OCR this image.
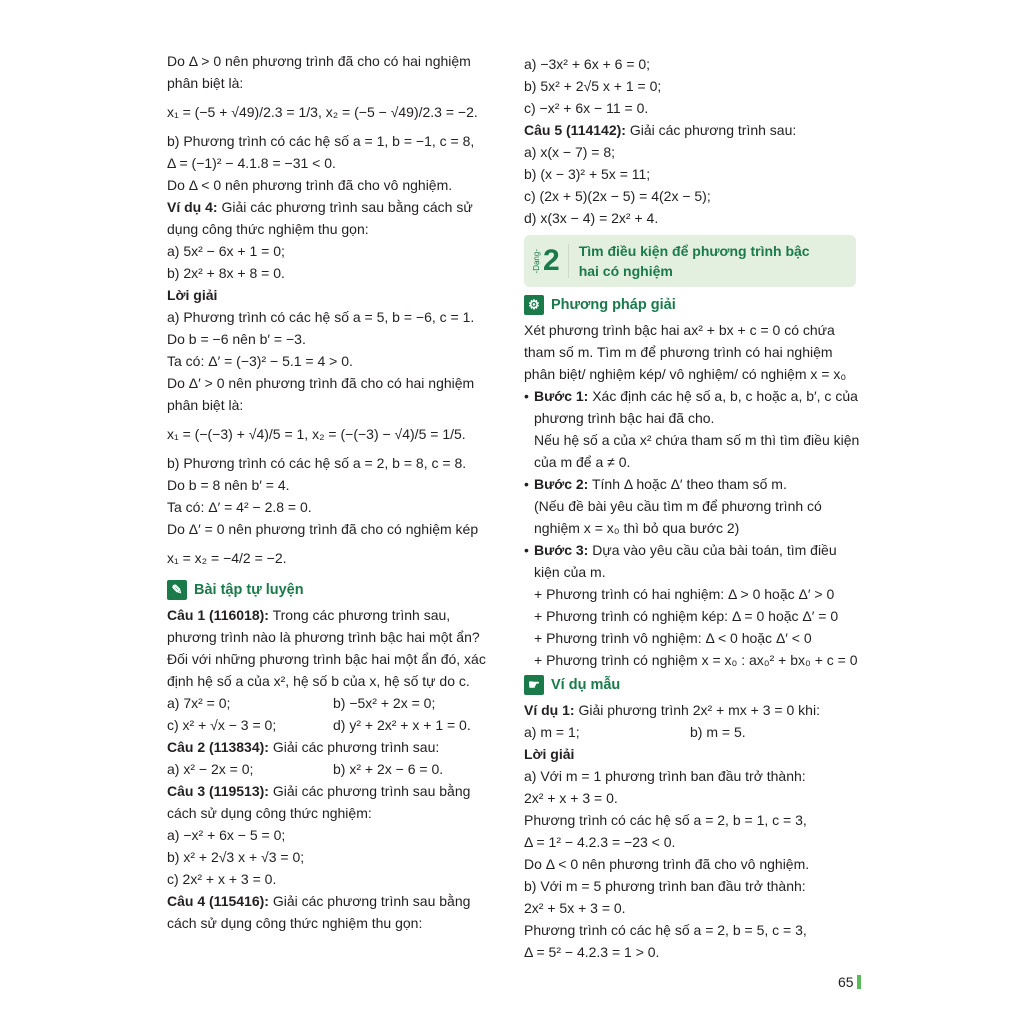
Do Δ > 0 nên phương trình đã cho có hai nghiệm
phân biệt là:
x₁ = (−5 + √49)/2.3 = 1/3, x₂ = (−5 − √49)/2.3 = −2.
b) Phương trình có các hệ số a = 1, b = −1, c = 8,
Δ = (−1)² − 4.1.8 = −31 < 0.
Do Δ < 0 nên phương trình đã cho vô nghiệm.
Ví dụ 4: Giải các phương trình sau bằng cách sử
dụng công thức nghiệm thu gọn:
a) 5x² − 6x + 1 = 0;
b) 2x² + 8x + 8 = 0.
Lời giải
a) Phương trình có các hệ số a = 5, b = −6, c = 1.
Do b = −6 nên b′ = −3.
Ta có: Δ′ = (−3)² − 5.1 = 4 > 0.
Do Δ′ > 0 nên phương trình đã cho có hai nghiệm
phân biệt là:
x₁ = (−(−3) + √4)/5 = 1, x₂ = (−(−3) − √4)/5 = 1/5.
b) Phương trình có các hệ số a = 2, b = 8, c = 8.
Do b = 8 nên b′ = 4.
Ta có: Δ′ = 4² − 2.8 = 0.
Do Δ′ = 0 nên phương trình đã cho có nghiệm kép
x₁ = x₂ = −4/2 = −2.
✎ Bài tập tự luyện
Câu 1 (116018): Trong các phương trình sau,
phương trình nào là phương trình bậc hai một ẩn?
Đối với những phương trình bậc hai một ẩn đó, xác
định hệ số a của x², hệ số b của x, hệ số tự do c.
a) 7x² = 0;	b) −5x² + 2x = 0;
c) x² + √x − 3 = 0;	d) y² + 2x² + x + 1 = 0.
Câu 2 (113834): Giải các phương trình sau:
a) x² − 2x = 0;	b) x² + 2x − 6 = 0.
Câu 3 (119513): Giải các phương trình sau bằng
cách sử dụng công thức nghiệm:
a) −x² + 6x − 5 = 0;
b) x² + 2√3 x + √3 = 0;
c) 2x² + x + 3 = 0.
Câu 4 (115416): Giải các phương trình sau bằng
cách sử dụng công thức nghiệm thu gọn:
a) −3x² + 6x + 6 = 0;
b) 5x² + 2√5 x + 1 = 0;
c) −x² + 6x − 11 = 0.
Câu 5 (114142): Giải các phương trình sau:
a) x(x − 7) = 8;
b) (x − 3)² + 5x = 11;
c) (2x + 5)(2x − 5) = 4(2x − 5);
d) x(3x − 4) = 2x² + 4.
-Dạng- 2	Tìm điều kiện để phương trình bậc hai có nghiệm
⚙ Phương pháp giải
Xét phương trình bậc hai ax² + bx + c = 0 có chứa
tham số m. Tìm m để phương trình có hai nghiệm
phân biệt/ nghiệm kép/ vô nghiệm/ có nghiệm x = x₀
• Bước 1: Xác định các hệ số a, b, c hoặc a, b′, c của
phương trình bậc hai đã cho.
Nếu hệ số a của x² chứa tham số m thì tìm điều kiện
của m để a ≠ 0.
• Bước 2: Tính Δ hoặc Δ′ theo tham số m.
(Nếu đề bài yêu cầu tìm m để phương trình có
nghiệm x = x₀ thì bỏ qua bước 2)
• Bước 3: Dựa vào yêu cầu của bài toán, tìm điều
kiện của m.
+ Phương trình có hai nghiệm: Δ > 0 hoặc Δ′ > 0
+ Phương trình có nghiệm kép: Δ = 0 hoặc Δ′ = 0
+ Phương trình vô nghiệm: Δ < 0 hoặc Δ′ < 0
+ Phương trình có nghiệm x = x₀ : ax₀² + bx₀ + c = 0
☛ Ví dụ mẫu
Ví dụ 1: Giải phương trình 2x² + mx + 3 = 0 khi:
a) m = 1;	b) m = 5.
Lời giải
a) Với m = 1 phương trình ban đầu trở thành:
2x² + x + 3 = 0.
Phương trình có các hệ số a = 2, b = 1, c = 3,
Δ = 1² − 4.2.3 = −23 < 0.
Do Δ < 0 nên phương trình đã cho vô nghiệm.
b) Với m = 5 phương trình ban đầu trở thành:
2x² + 5x + 3 = 0.
Phương trình có các hệ số a = 2, b = 5, c = 3,
Δ = 5² − 4.2.3 = 1 > 0.
65
